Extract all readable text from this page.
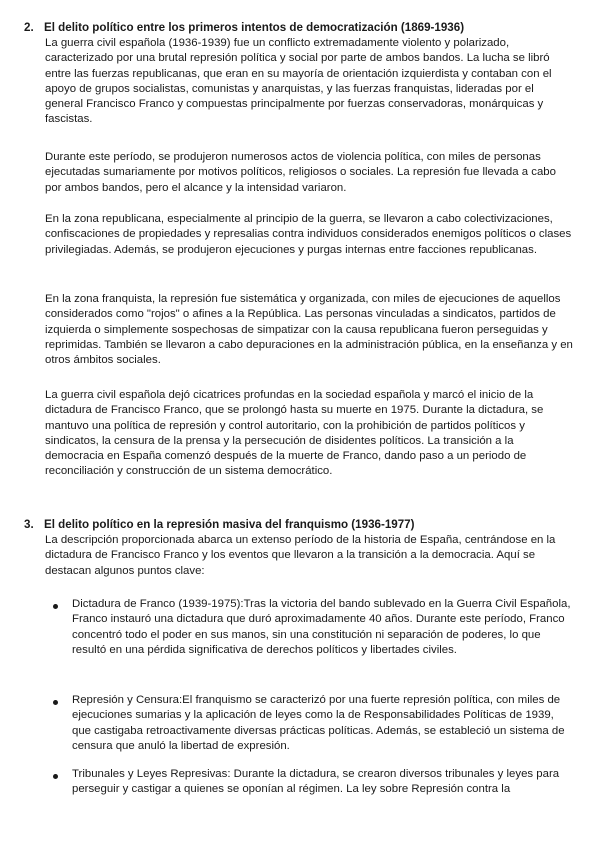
2. El delito político entre los primeros intentos de democratización (1869-1936)

La guerra civil española (1936-1939) fue un conflicto extremadamente violento y polarizado, caracterizado por una brutal represión política y social por parte de ambos bandos. La lucha se libró entre las fuerzas republicanas, que eran en su mayoría de orientación izquierdista y contaban con el apoyo de grupos socialistas, comunistas y anarquistas, y las fuerzas franquistas, lideradas por el general Francisco Franco y compuestas principalmente por fuerzas conservadoras, monárquicas y fascistas.

Durante este período, se produjeron numerosos actos de violencia política, con miles de personas ejecutadas sumariamente por motivos políticos, religiosos o sociales. La represión fue llevada a cabo por ambos bandos, pero el alcance y la intensidad variaron.

En la zona republicana, especialmente al principio de la guerra, se llevaron a cabo colectivizaciones, confiscaciones de propiedades y represalias contra individuos considerados enemigos políticos o clases privilegiadas. Además, se produjeron ejecuciones y purgas internas entre facciones republicanas.

En la zona franquista, la represión fue sistemática y organizada, con miles de ejecuciones de aquellos considerados como "rojos" o afines a la República. Las personas vinculadas a sindicatos, partidos de izquierda o simplemente sospechosas de simpatizar con la causa republicana fueron perseguidas y reprimidas. También se llevaron a cabo depuraciones en la administración pública, en la enseñanza y en otros ámbitos sociales.

La guerra civil española dejó cicatrices profundas en la sociedad española y marcó el inicio de la dictadura de Francisco Franco, que se prolongó hasta su muerte en 1975. Durante la dictadura, se mantuvo una política de represión y control autoritario, con la prohibición de partidos políticos y sindicatos, la censura de la prensa y la persecución de disidentes políticos. La transición a la democracia en España comenzó después de la muerte de Franco, dando paso a un periodo de reconciliación y construcción de un sistema democrático.

3. El delito político en la represión masiva del franquismo (1936-1977)

La descripción proporcionada abarca un extenso período de la historia de España, centrándose en la dictadura de Francisco Franco y los eventos que llevaron a la transición a la democracia. Aquí se destacan algunos puntos clave:

Dictadura de Franco (1939-1975):Tras la victoria del bando sublevado en la Guerra Civil Española, Franco instauró una dictadura que duró aproximadamente 40 años. Durante este período, Franco concentró todo el poder en sus manos, sin una constitución ni separación de poderes, lo que resultó en una pérdida significativa de derechos políticos y libertades civiles.

Represión y Censura:El franquismo se caracterizó por una fuerte represión política, con miles de ejecuciones sumarias y la aplicación de leyes como la de Responsabilidades Políticas de 1939, que castigaba retroactivamente diversas prácticas políticas. Además, se estableció un sistema de censura que anuló la libertad de expresión.

Tribunales y Leyes Represivas: Durante la dictadura, se crearon diversos tribunales y leyes para perseguir y castigar a quienes se oponían al régimen. La ley sobre Represión contra la
